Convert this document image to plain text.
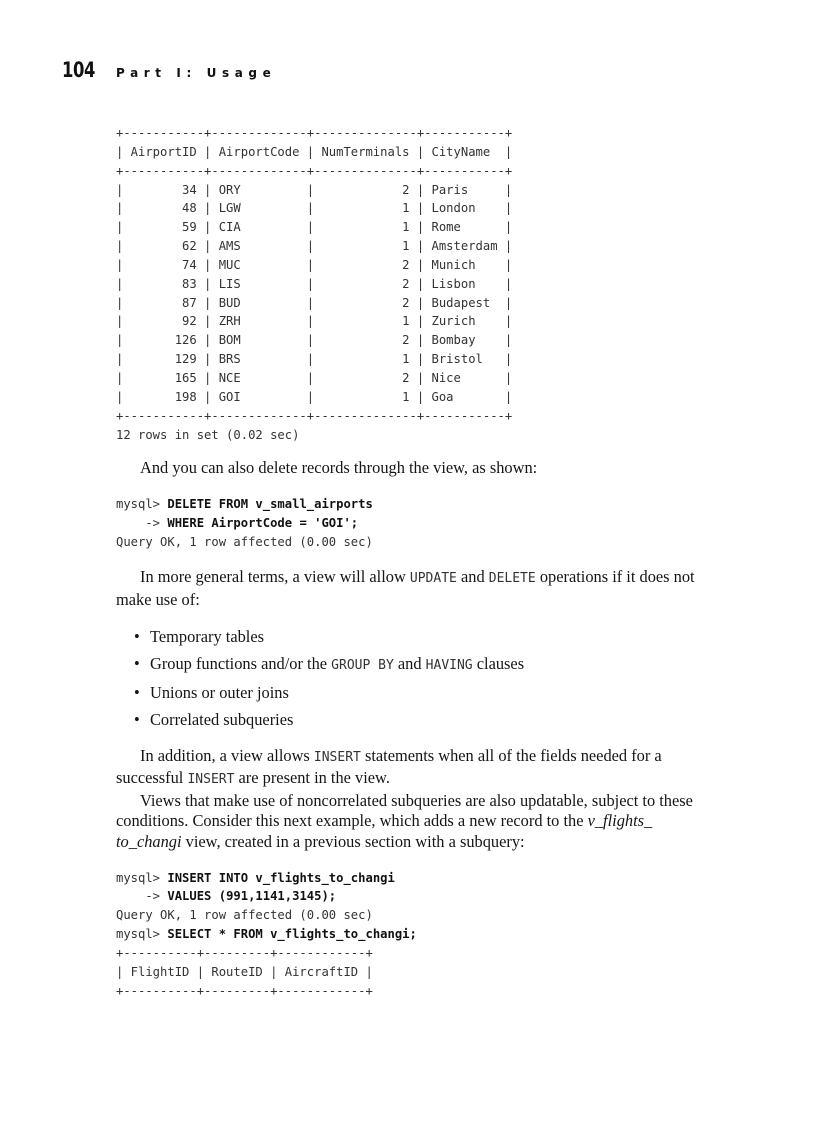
104 Part I: Usage
+-----------+-------------+--------------+-----------+
| AirportID | AirportCode | NumTerminals | CityName  |
+-----------+-------------+--------------+-----------+
|        34 | ORY         |            2 | Paris     |
|        48 | LGW         |            1 | London    |
|        59 | CIA         |            1 | Rome      |
|        62 | AMS         |            1 | Amsterdam |
|        74 | MUC         |            2 | Munich    |
|        83 | LIS         |            2 | Lisbon    |
|        87 | BUD         |            2 | Budapest  |
|        92 | ZRH         |            1 | Zurich    |
|       126 | BOM         |            2 | Bombay    |
|       129 | BRS         |            1 | Bristol   |
|       165 | NCE         |            2 | Nice      |
|       198 | GOI         |            1 | Goa       |
+-----------+-------------+--------------+-----------+
12 rows in set (0.02 sec)

And you can also delete records through the view, as shown:

mysql> DELETE FROM v_small_airports
-> WHERE AirportCode = 'GOI';
Query OK, 1 row affected (0.00 sec)

In more general terms, a view will allow UPDATE and DELETE operations if it does not make use of:

• Temporary tables
• Group functions and/or the GROUP BY and HAVING clauses
• Unions or outer joins
• Correlated subqueries

In addition, a view allows INSERT statements when all of the fields needed for a successful INSERT are present in the view.

Views that make use of noncorrelated subqueries are also updatable, subject to these conditions. Consider this next example, which adds a new record to the v_flights_ to_changi view, created in a previous section with a subquery:

mysql> INSERT INTO v_flights_to_changi
-> VALUES (991,1141,3145);
Query OK, 1 row affected (0.00 sec)
mysql> SELECT * FROM v_flights_to_changi;
+----------+---------+------------+
| FlightID | RouteID | AircraftID |
+----------+---------+------------+
